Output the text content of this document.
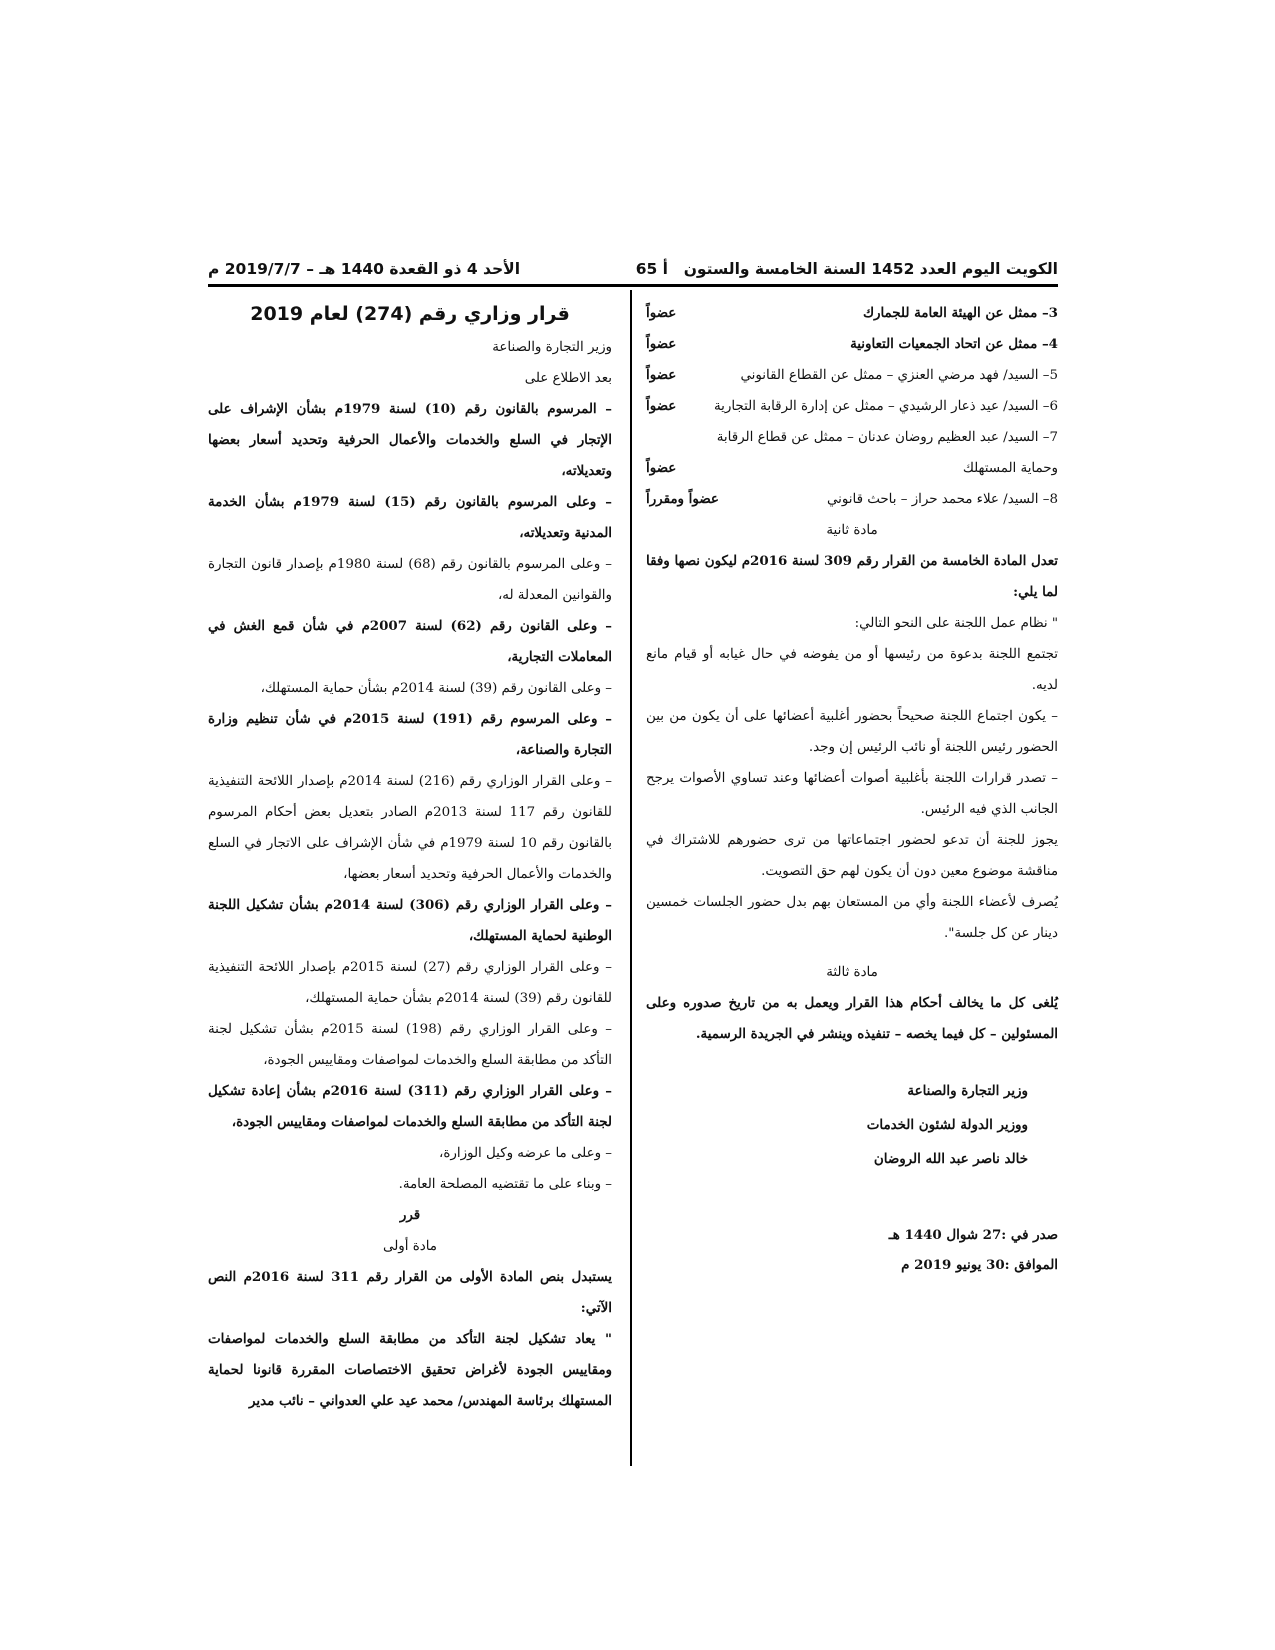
الكويت اليوم العدد 1452 السنة الخامسة والستون
أ 65
الأحد 4 ذو القعدة 1440 هـ – 2019/7/7 م
قرار وزاري رقم (274) لعام 2019

وزير التجارة والصناعة

بعد الاطلاع على

– المرسوم بالقانون رقم (10) لسنة 1979م بشأن الإشراف على الإتجار في السلع والخدمات والأعمال الحرفية وتحديد أسعار بعضها وتعديلاته،

– وعلى المرسوم بالقانون رقم (15) لسنة 1979م بشأن الخدمة المدنية وتعديلاته،

– وعلى المرسوم بالقانون رقم (68) لسنة 1980م بإصدار قانون التجارة والقوانين المعدلة له،

– وعلى القانون رقم (62) لسنة 2007م في شأن قمع الغش في المعاملات التجارية،

– وعلى القانون رقم (39) لسنة 2014م بشأن حماية المستهلك،

– وعلى المرسوم رقم (191) لسنة 2015م في شأن تنظيم وزارة التجارة والصناعة،

– وعلى القرار الوزاري رقم (216) لسنة 2014م بإصدار اللائحة التنفيذية للقانون رقم 117 لسنة 2013م الصادر بتعديل بعض أحكام المرسوم بالقانون رقم 10 لسنة 1979م في شأن الإشراف على الاتجار في السلع والخدمات والأعمال الحرفية وتحديد أسعار بعضها،

– وعلى القرار الوزاري رقم (306) لسنة 2014م بشأن تشكيل اللجنة الوطنية لحماية المستهلك،

– وعلى القرار الوزاري رقم (27) لسنة 2015م بإصدار اللائحة التنفيذية للقانون رقم (39) لسنة 2014م بشأن حماية المستهلك،

– وعلى القرار الوزاري رقم (198) لسنة 2015م بشأن تشكيل لجنة التأكد من مطابقة السلع والخدمات لمواصفات ومقاييس الجودة،

– وعلى القرار الوزاري رقم (311) لسنة 2016م بشأن إعادة تشكيل لجنة التأكد من مطابقة السلع والخدمات لمواصفات ومقاييس الجودة،

– وعلى ما عرضه وكيل الوزارة،

– وبناء على ما تقتضيه المصلحة العامة.

قرر

مادة أولى

يستبدل بنص المادة الأولى من القرار رقم 311 لسنة 2016م النص الآتي:

" يعاد تشكيل لجنة التأكد من مطابقة السلع والخدمات لمواصفات ومقاييس الجودة لأغراض تحقيق الاختصاصات المقررة قانونا لحماية المستهلك برئاسة المهندس/ محمد عيد علي العدواني – نائب مدير

3– ممثل عن الهيئة العامة للجمارك
عضواً
4– ممثل عن اتحاد الجمعيات التعاونية
عضواً
5– السيد/ فهد مرضي العنزي – ممثل عن القطاع القانوني
عضواً
6– السيد/ عيد ذعار الرشيدي – ممثل عن إدارة الرقابة التجارية
عضواً

7– السيد/ عبد العظيم روضان عدنان – ممثل عن قطاع الرقابة

وحماية المستهلك
عضواً
8– السيد/ علاء محمد حراز – باحث قانوني
عضواً ومقرراً

مادة ثانية

تعدل المادة الخامسة من القرار رقم 309 لسنة 2016م ليكون نصها وفقا لما يلي:

" نظام عمل اللجنة على النحو التالي:

تجتمع اللجنة بدعوة من رئيسها أو من يفوضه في حال غيابه أو قيام مانع لديه.

– يكون اجتماع اللجنة صحيحاً بحضور أغلبية أعضائها على أن يكون من بين الحضور رئيس اللجنة أو نائب الرئيس إن وجد.

– تصدر قرارات اللجنة بأغلبية أصوات أعضائها وعند تساوي الأصوات يرجح الجانب الذي فيه الرئيس.

يجوز للجنة أن تدعو لحضور اجتماعاتها من ترى حضورهم للاشتراك في مناقشة موضوع معين دون أن يكون لهم حق التصويت.

يُصرف لأعضاء اللجنة وأي من المستعان بهم بدل حضور الجلسات خمسين دينار عن كل جلسة".

مادة ثالثة

يُلغى كل ما يخالف أحكام هذا القرار ويعمل به من تاريخ صدوره وعلى المسئولين – كل فيما يخصه – تنفيذه وينشر في الجريدة الرسمية.

وزير التجارة والصناعة
ووزير الدولة لشئون الخدمات
خالد ناصر عبد الله الروضان
صدر في :27 شوال 1440 هـ
الموافق :30 يونيو 2019 م
